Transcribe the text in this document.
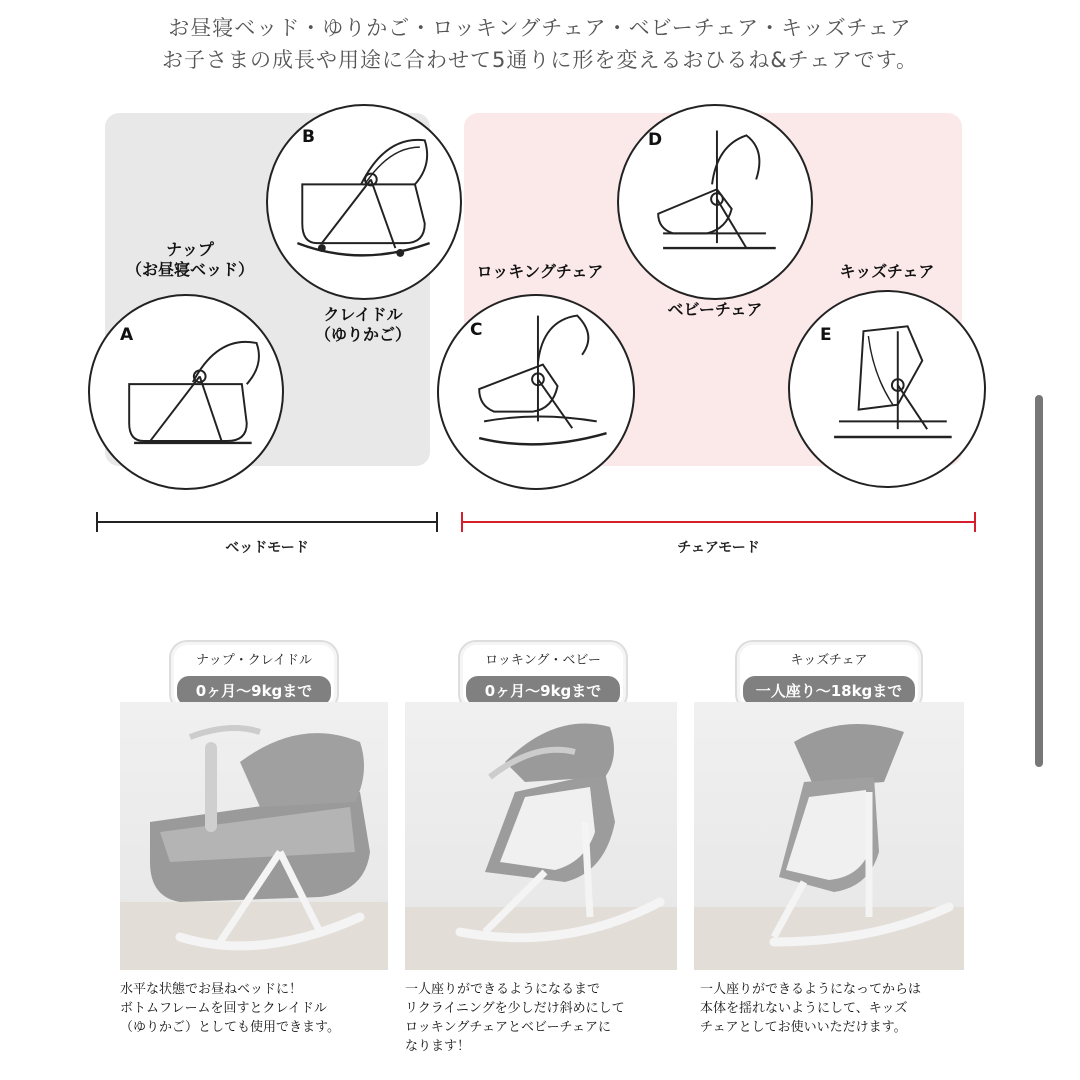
お昼寝ベッド・ゆりかご・ロッキングチェア・ベビーチェア・キッズチェア
お子さまの成長や用途に合わせて5通りに形を変えるおひるね&チェアです。
B
A
ナップ
（お昼寝ベッド）
クレイドル
（ゆりかご）
D
C	E
ロッキングチェア
ベビーチェア
キッズチェア
ベッドモード	チェアモード
ナップ・クレイドル
0ヶ月～9kgまで
ロッキング・ベビー
0ヶ月～9kgまで
キッズチェア
一人座り～18kgまで
水平な状態でお昼ねベッドに！
ボトムフレームを回すとクレイドル
（ゆりかご）としても使用できます。
一人座りができるようになるまで
リクライニングを少しだけ斜めにして
ロッキングチェアとベビーチェアに
なります！
一人座りができるようになってからは
本体を揺れないようにして、キッズ
チェアとしてお使いいただけます。
